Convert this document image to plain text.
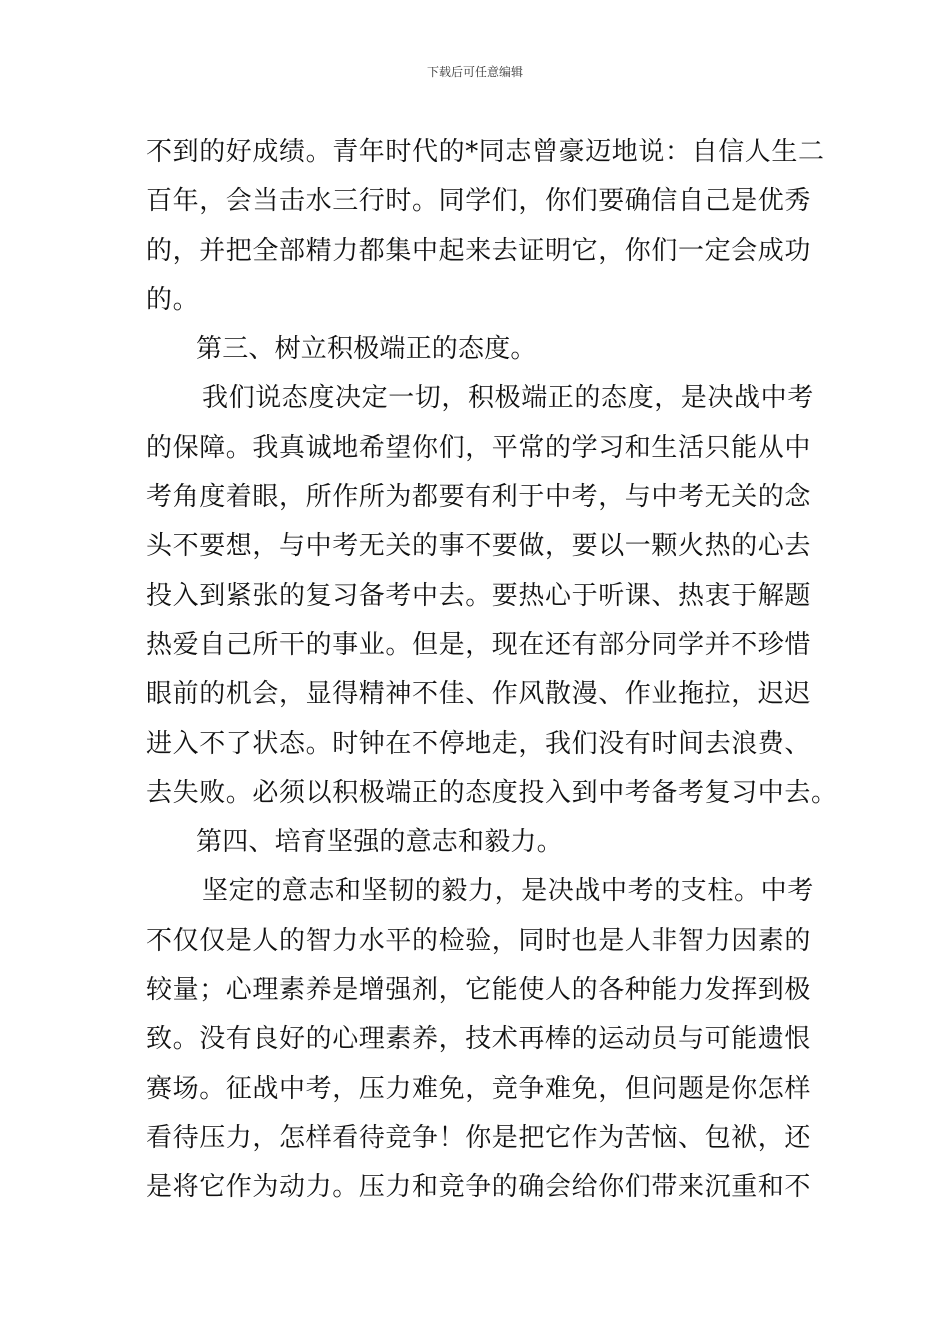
下载后可任意编辑
不到的好成绩。青年时代的*同志曾豪迈地说：自信人生二
百年，会当击水三行时。同学们，你们要确信自己是优秀
的，并把全部精力都集中起来去证明它，你们一定会成功
的。
第三、树立积极端正的态度。
我们说态度决定一切，积极端正的态度，是决战中考
的保障。我真诚地希望你们，平常的学习和生活只能从中
考角度着眼，所作所为都要有利于中考，与中考无关的念
头不要想，与中考无关的事不要做，要以一颗火热的心去
投入到紧张的复习备考中去。要热心于听课、热衷于解题
热爱自己所干的事业。但是，现在还有部分同学并不珍惜
眼前的机会，显得精神不佳、作风散漫、作业拖拉，迟迟
进入不了状态。时钟在不停地走，我们没有时间去浪费、
去失败。必须以积极端正的态度投入到中考备考复习中去。
第四、培育坚强的意志和毅力。
坚定的意志和坚韧的毅力，是决战中考的支柱。中考
不仅仅是人的智力水平的检验，同时也是人非智力因素的
较量；心理素养是增强剂，它能使人的各种能力发挥到极
致。没有良好的心理素养，技术再棒的运动员与可能遗恨
赛场。征战中考，压力难免，竞争难免，但问题是你怎样
看待压力，怎样看待竞争！你是把它作为苦恼、包袱，还
是将它作为动力。压力和竞争的确会给你们带来沉重和不
